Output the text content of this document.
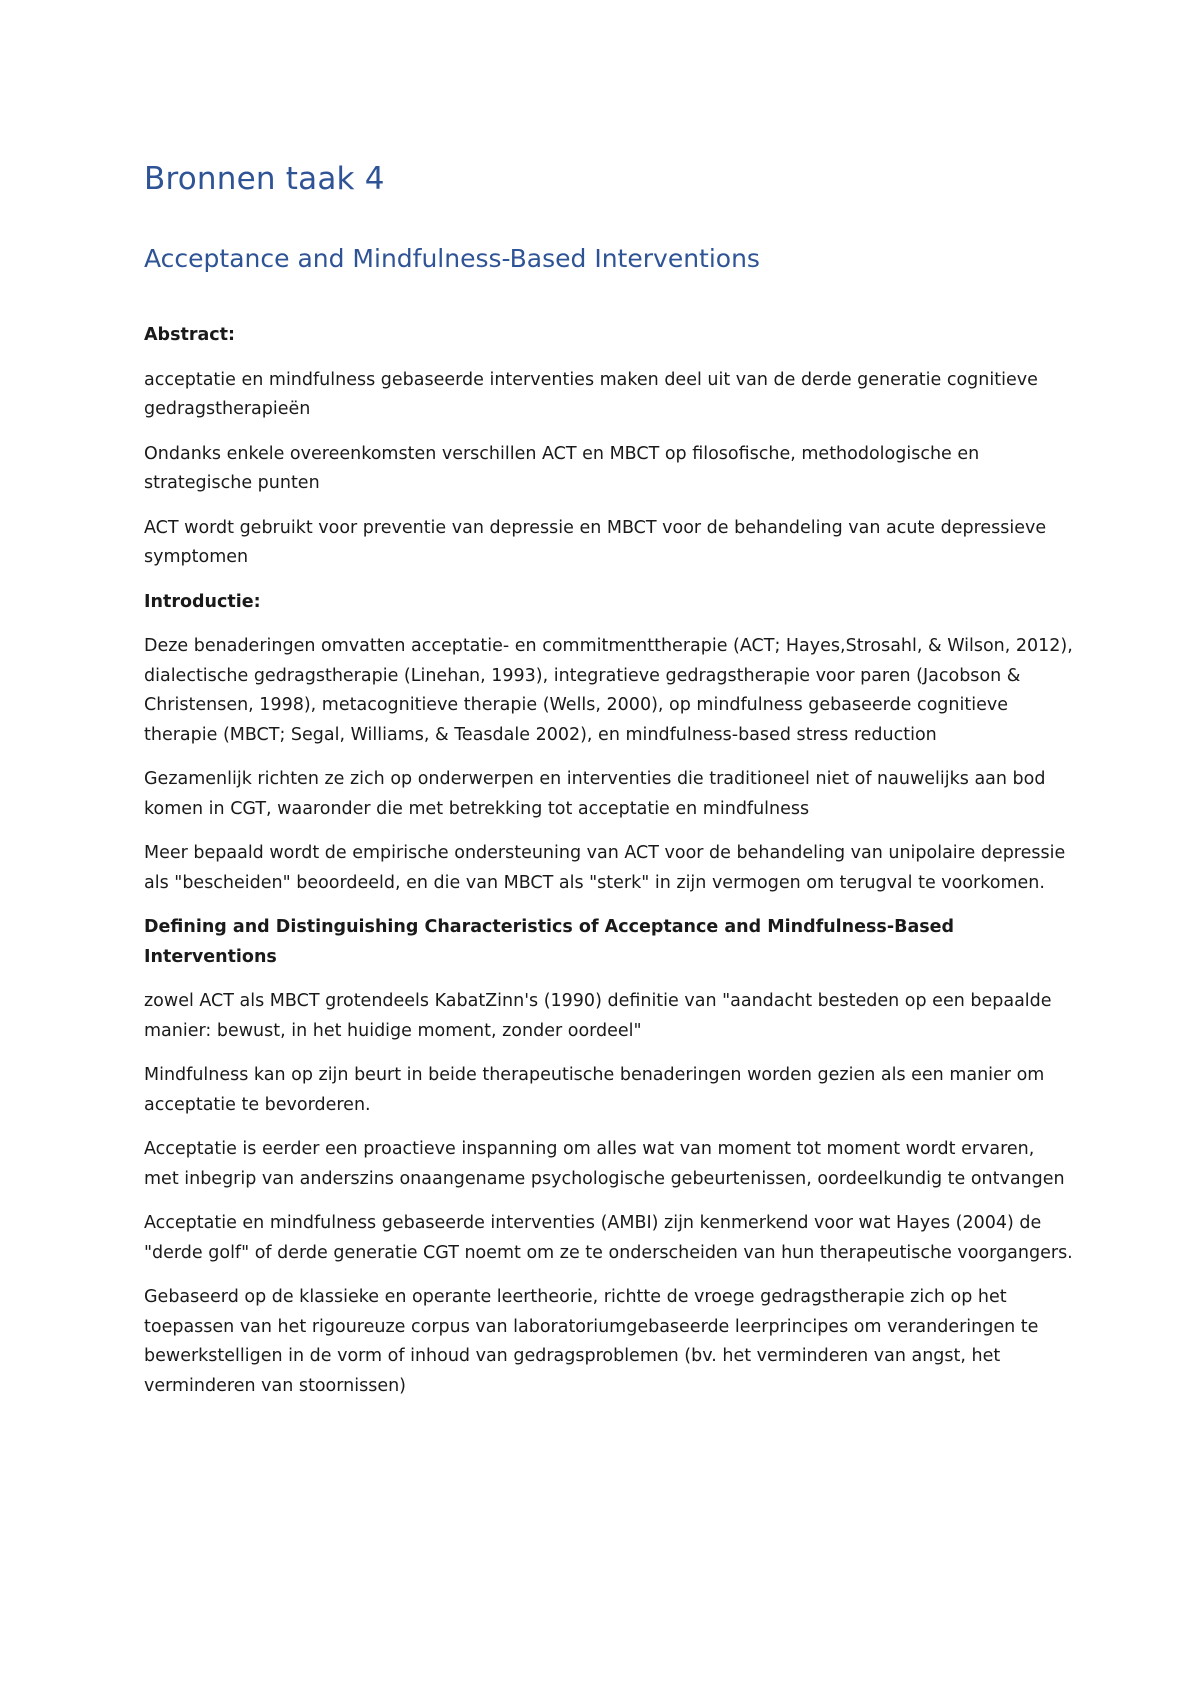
Bronnen taak 4
Acceptance and Mindfulness-Based Interventions
Abstract:
acceptatie en mindfulness gebaseerde interventies maken deel uit van de derde generatie cognitieve gedragstherapieën
Ondanks enkele overeenkomsten verschillen ACT en MBCT op filosofische, methodologische en strategische punten
ACT wordt gebruikt voor preventie van depressie en MBCT voor de behandeling van acute depressieve symptomen
Introductie:
Deze benaderingen omvatten acceptatie- en commitmenttherapie (ACT; Hayes,Strosahl, & Wilson, 2012), dialectische gedragstherapie (Linehan, 1993), integratieve gedragstherapie voor paren (Jacobson & Christensen, 1998), metacognitieve therapie (Wells, 2000), op mindfulness gebaseerde cognitieve therapie (MBCT; Segal, Williams, & Teasdale 2002), en mindfulness-based stress reduction
Gezamenlijk richten ze zich op onderwerpen en interventies die traditioneel niet of nauwelijks aan bod komen in CGT, waaronder die met betrekking tot acceptatie en mindfulness
Meer bepaald wordt de empirische ondersteuning van ACT voor de behandeling van unipolaire depressie als "bescheiden" beoordeeld, en die van MBCT als "sterk" in zijn vermogen om terugval te voorkomen.
Defining and Distinguishing Characteristics of Acceptance and Mindfulness-Based Interventions
zowel ACT als MBCT grotendeels KabatZinn's (1990) definitie van "aandacht besteden op een bepaalde manier: bewust, in het huidige moment, zonder oordeel"
Mindfulness kan op zijn beurt in beide therapeutische benaderingen worden gezien als een manier om acceptatie te bevorderen.
Acceptatie is eerder een proactieve inspanning om alles wat van moment tot moment wordt ervaren, met inbegrip van anderszins onaangename psychologische gebeurtenissen, oordeelkundig te ontvangen
Acceptatie en mindfulness gebaseerde interventies (AMBI) zijn kenmerkend voor wat Hayes (2004) de "derde golf" of derde generatie CGT noemt om ze te onderscheiden van hun therapeutische voorgangers.
Gebaseerd op de klassieke en operante leertheorie, richtte de vroege gedragstherapie zich op het toepassen van het rigoureuze corpus van laboratoriumgebaseerde leerprincipes om veranderingen te bewerkstelligen in de vorm of inhoud van gedragsproblemen (bv. het verminderen van angst, het verminderen van stoornissen)
